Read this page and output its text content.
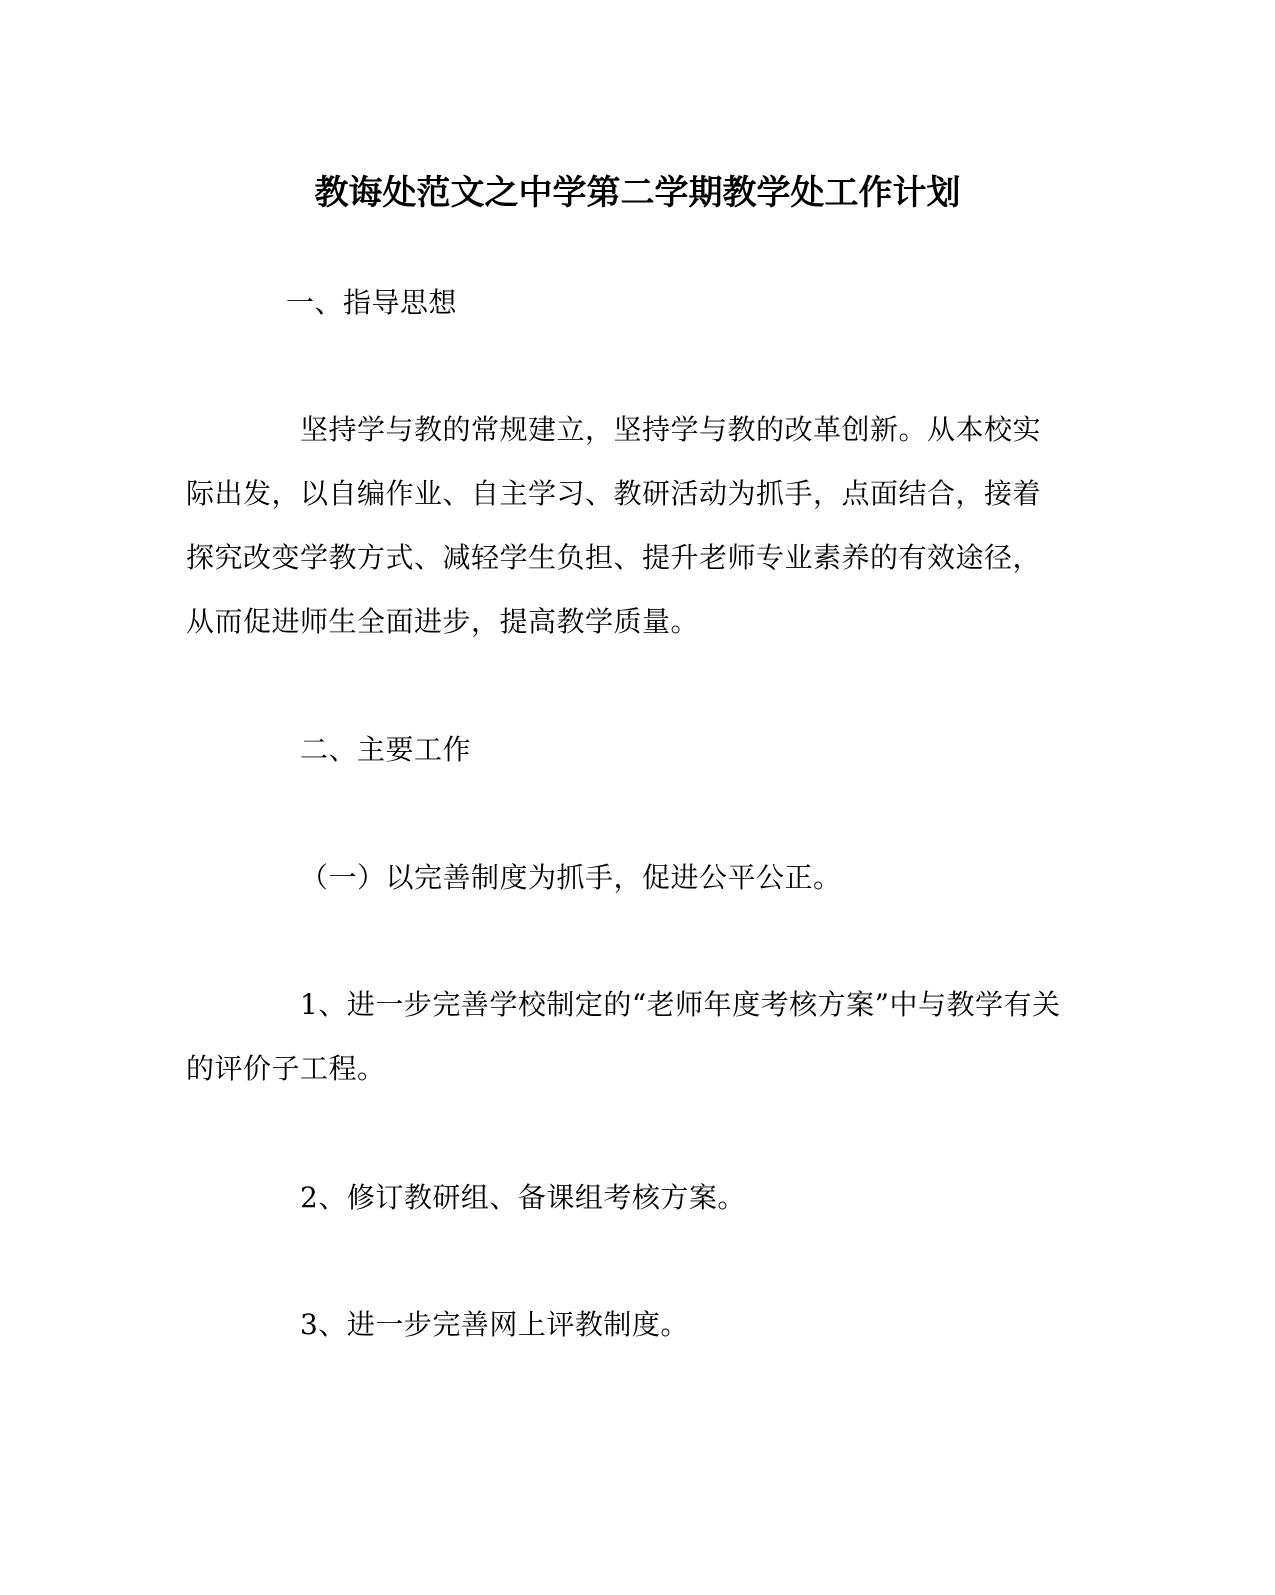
教诲处范文之中学第二学期教学处工作计划
一、指导思想
坚持学与教的常规建立，坚持学与教的改革创新。从本校实际出发，以自编作业、自主学习、教研活动为抓手，点面结合，接着探究改变学教方式、减轻学生负担、提升老师专业素养的有效途径，从而促进师生全面进步，提高教学质量。
二、主要工作
（一）以完善制度为抓手，促进公平公正。
1、进一步完善学校制定的“老师年度考核方案”中与教学有关的评价子工程。
2、修订教研组、备课组考核方案。
3、进一步完善网上评教制度。
